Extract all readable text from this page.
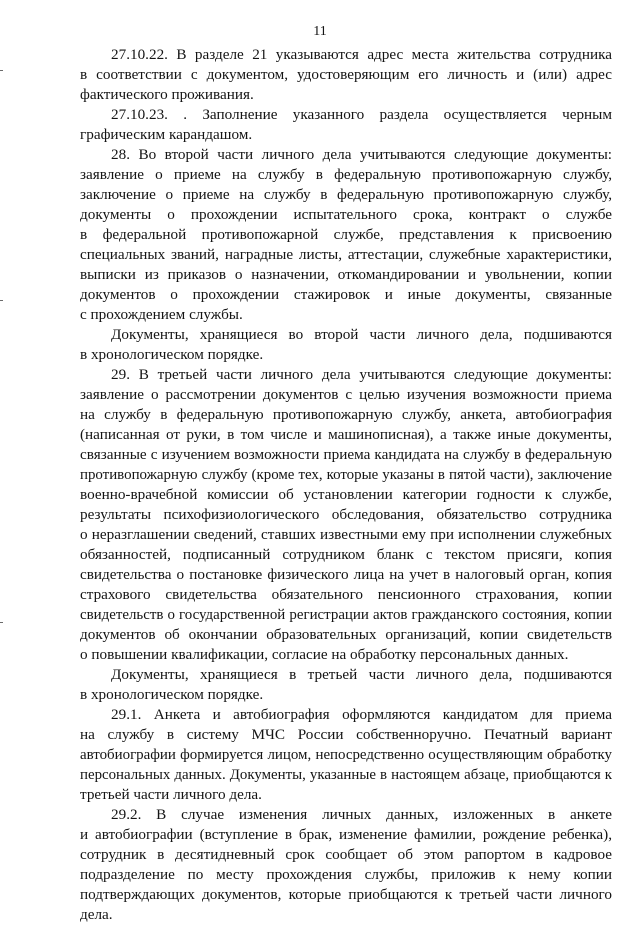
11
27.10.22. В разделе 21 указываются адрес места жительства сотрудника
в соответствии с документом, удостоверяющим его личность и (или) адрес
фактического проживания.
27.10.23. . Заполнение указанного раздела осуществляется черным
графическим карандашом.
28. Во второй части личного дела учитываются следующие документы:
заявление о приеме на службу в федеральную противопожарную службу,
заключение о приеме на службу в федеральную противопожарную службу,
документы о прохождении испытательного срока, контракт о службе
в федеральной противопожарной службе, представления к присвоению
специальных званий, наградные листы, аттестации, служебные характеристики,
выписки из приказов о назначении, откомандировании и увольнении, копии
документов о прохождении стажировок и иные документы, связанные
с прохождением службы.
Документы, хранящиеся во второй части личного дела, подшиваются
в хронологическом порядке.
29. В третьей части личного дела учитываются следующие документы:
заявление о рассмотрении документов с целью изучения возможности приема
на службу в федеральную противопожарную службу, анкета, автобиография
(написанная от руки, в том числе и машинописная), а также иные документы,
связанные с изучением возможности приема кандидата на службу в федеральную
противопожарную службу (кроме тех, которые указаны в пятой части), заключение
военно-врачебной комиссии об установлении категории годности к службе,
результаты психофизиологического обследования, обязательство сотрудника
о неразглашении сведений, ставших известными ему при исполнении служебных
обязанностей, подписанный сотрудником бланк с текстом присяги, копия
свидетельства о постановке физического лица на учет в налоговый орган, копия
страхового свидетельства обязательного пенсионного страхования, копии
свидетельств о государственной регистрации актов гражданского состояния, копии
документов об окончании образовательных организаций, копии свидетельств
о повышении квалификации, согласие на обработку персональных данных.
Документы, хранящиеся в третьей части личного дела, подшиваются
в хронологическом порядке.
29.1. Анкета и автобиография оформляются кандидатом для приема
на службу в систему МЧС России собственноручно. Печатный вариант
автобиографии формируется лицом, непосредственно осуществляющим обработку
персональных данных. Документы, указанные в настоящем абзаце, приобщаются к
третьей части личного дела.
29.2. В случае изменения личных данных, изложенных в анкете
и автобиографии (вступление в брак, изменение фамилии, рождение ребенка),
сотрудник в десятидневный срок сообщает об этом рапортом в кадровое
подразделение по месту прохождения службы, приложив к нему копии
подтверждающих документов, которые приобщаются к третьей части личного
дела.
